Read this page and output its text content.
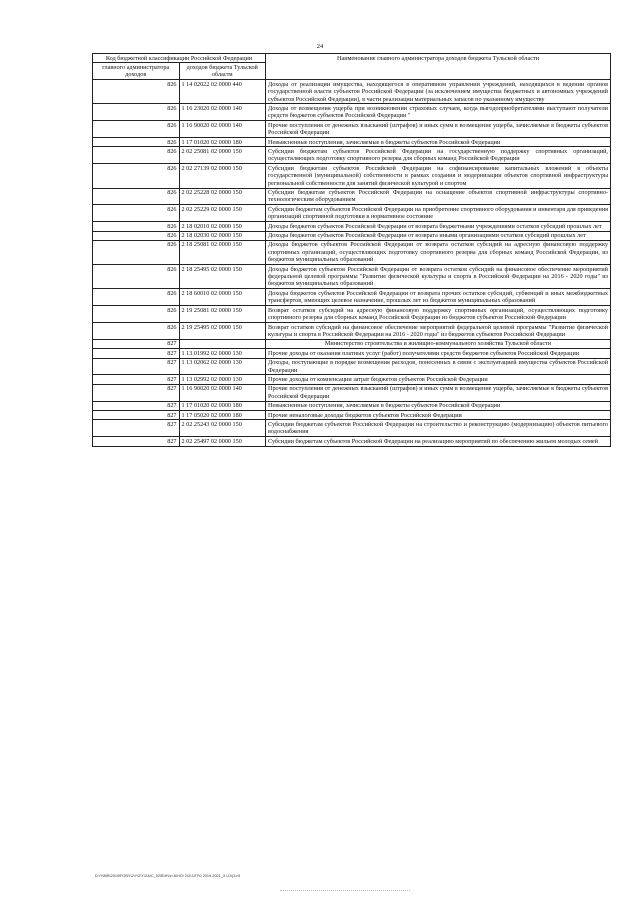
24
Код бюджетной классификации Российской Федерации		Наименование главного администратора доходов бюджета Тульской области
главного администратора доходов	доходов бюджета Тульской области	
826	1 14 02022 02 0000 440	Доходы от реализации имущества, находящегося в оперативном управлении учреждений, находящихся в ведении органов государственной власти субъектов Российской Федерации (за исключением имущества бюджетных и автономных учреждений субъектов Российской Федерации), в части реализации материальных запасов по указанному имуществу
826	1 16 23020 02 0000 140	Доходы от возмещения ущерба при возникновении страховых случаев, когда выгодоприобретателями выступают получатели средств бюджетов субъектов Российской Федерации "
826	1 16 90020 02 0000 140	Прочие поступления от денежных взысканий (штрафов) и иных сумм в возмещение ущерба, зачисляемые в бюджеты субъектов Российской Федерации
826	1 17 01020 02 0000 180	Невыясненные поступления, зачисляемые в бюджеты субъектов Российской Федерации
826	2 02 25081 02 0000 150	Субсидии бюджетам субъектов Российской Федерации на государственную поддержку спортивных организаций, осуществляющих подготовку спортивного резерва для сборных команд Российской Федерации
826	2 02 27139 02 0000 150	Субсидии бюджетам субъектов Российской Федерации на софинансирование капитальных вложений в объекты государственной (муниципальной) собственности в рамках создания и модернизации объектов спортивной инфраструктуры региональной собственности для занятий физической культурой и спортом
826	2 02 25228 02 0000 150	Субсидии бюджетам субъектов Российской Федерации на оснащение объектов спортивной инфраструктуры спортивно-технологическим оборудованием
826	2 02 25229 02 0000 150	Субсидии бюджетам субъектов Российской Федерации на приобретение спортивного оборудования и инвентаря для приведения организаций спортивной подготовки в нормативное состояние
826	2 18 02010 02 0000 150	Доходы бюджетов субъектов Российской Федерации от возврата бюджетными учреждениями остатков субсидий прошлых лет
826	2 18 02030 02 0000 150	Доходы бюджетов субъектов Российской Федерации от возврата иными организациями остатков субсидий прошлых лет
826	2 18 25081 02 0000 150	Доходы бюджетов субъектов Российской Федерации от возврата остатков субсидий на адресную финансовую поддержку спортивных организаций, осуществляющих подготовку спортивного резерва для сборных команд Российской Федерации, из бюджетов муниципальных образований
826	2 18 25495 02 0000 150	Доходы бюджетов субъектов Российской Федерации от возврата остатков субсидий на финансовое обеспечение мероприятий федеральной целевой программы "Развитие физической культуры и спорта в Российской Федерации на 2016 - 2020 годы" из бюджетов муниципальных образований
826	2 18 60010 02 0000 150	Доходы бюджетов субъектов Российской Федерации от возврата прочих остатков субсидий, субвенций и иных межбюджетных трансфертов, имеющих целевое назначение, прошлых лет из бюджетов муниципальных образований
826	2 19 25081 02 0000 150	Возврат остатков субсидий на адресную финансовую поддержку спортивных организаций, осуществляющих подготовку спортивного резерва для сборных команд Российской Федерации из бюджетов субъектов Российской Федерации
826	2 19 25495 02 0000 150	Возврат остатков субсидий на финансовое обеспечение мероприятий федеральной целевой программы "Развитие физической культуры и спорта в Российской Федерации на 2016 - 2020 годы" из бюджетов субъектов Российской Федерации
827		Министерство строительства и жилищно-коммунального хозяйства Тульской области
827	1 13 01992 02 0000 130	Прочие доходы от оказания платных услуг (работ) получателями средств бюджетов субъектов Российской Федерации
827	1 13 02062 02 0000 130	Доходы, поступающие в порядке возмещения расходов, понесенных в связи с эксплуатацией имущества субъектов Российской Федерации
827	1 13 02992 02 0000 130	Прочие доходы от компенсации затрат бюджетов субъектов Российской Федерации
827	1 16 90020 02 0000 140	Прочие поступления от денежных взысканий (штрафов) и иных сумм в возмещение ущерба, зачисляемые в бюджеты субъектов Российской Федерации
827	1 17 01020 02 0000 180	Невыясненные поступления, зачисляемые в бюджеты субъектов Российской Федерации
827	1 17 05020 02 0000 180	Прочие неналоговые доходы бюджетов субъектов Российской Федерации
827	2 02 25243 02 0000 150	Субсидии бюджетам субъектов Российской Федерации на строительство и реконструкцию (модернизацию) объектов питьевого водоснабжения
827	2 02 25497 02 0000 150	Субсидии бюджетам субъектов Российской Федерации на реализацию мероприятий по обеспечению жильем молодых семей
D:\Y\B\B\2019\FOBY\2\Y\2\Y\ZA\C_02\B\H\hr\.6\HO\ 2\2\JJ\T\0 2019-2021_3 \JJ\(3.rtf
